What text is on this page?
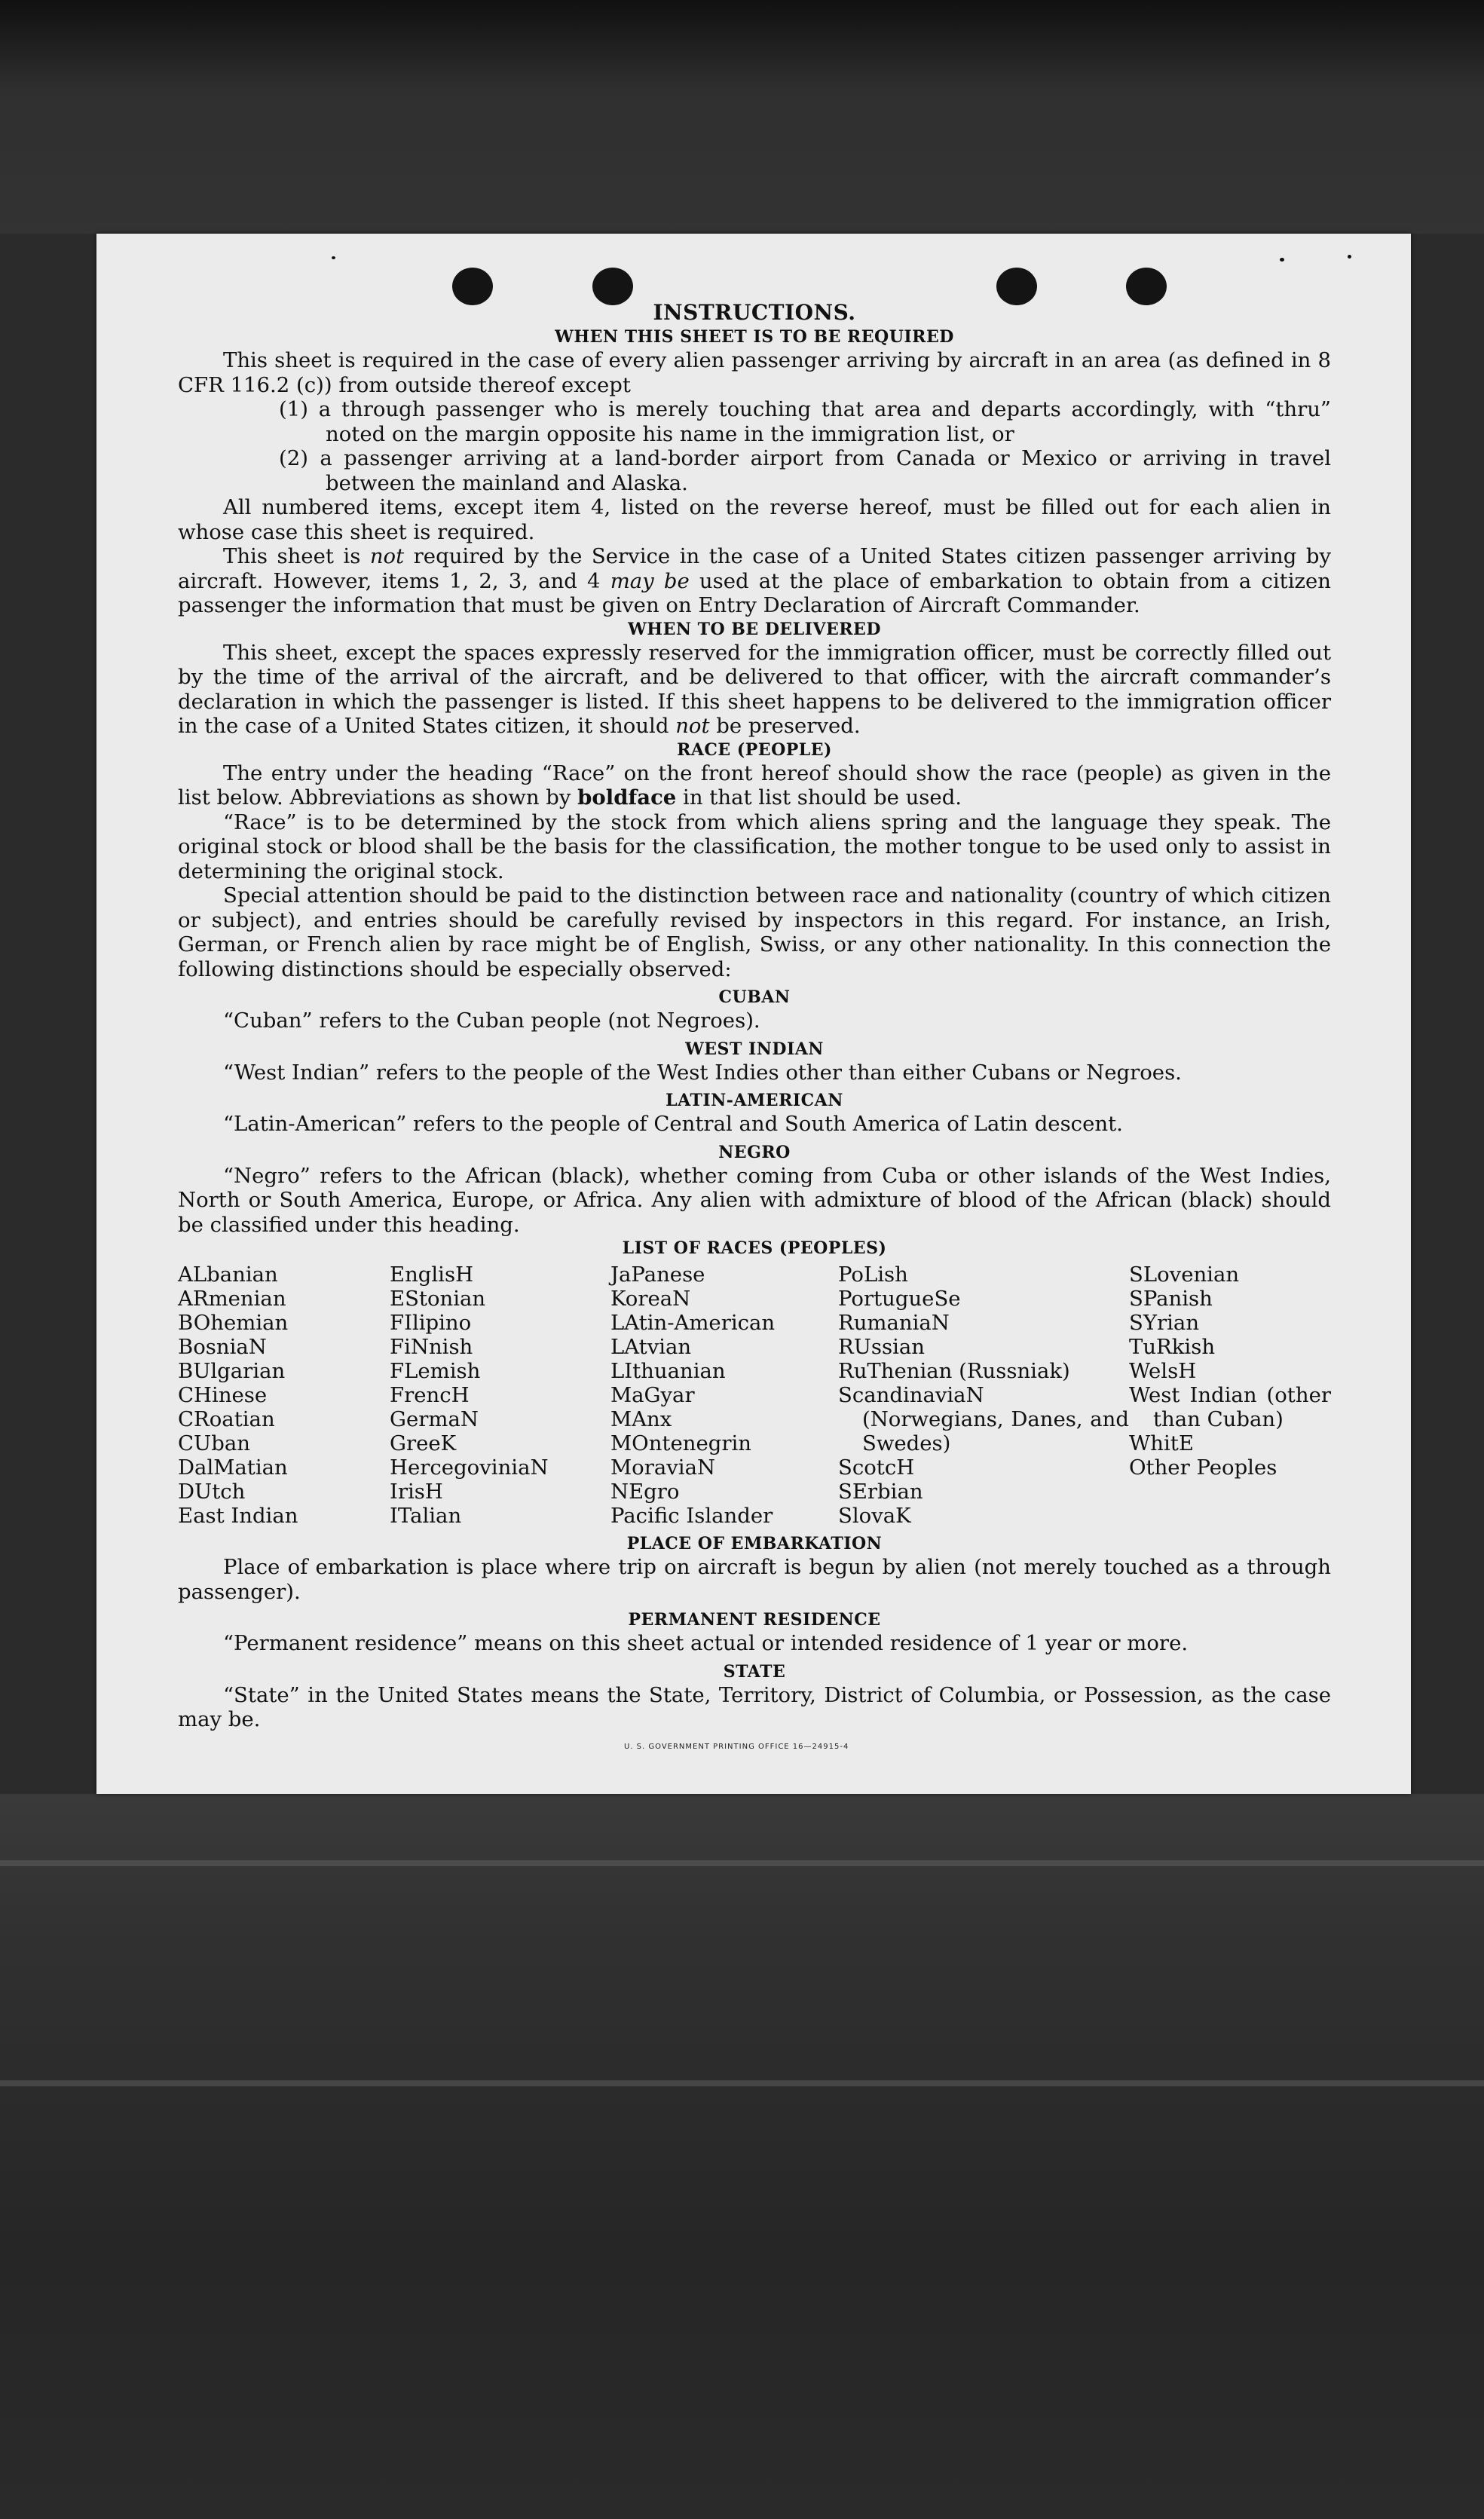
INSTRUCTIONS.
WHEN THIS SHEET IS TO BE REQUIRED

This sheet is required in the case of every alien passenger arriving by aircraft in an area (as defined in 8 CFR 116.2 (c)) from outside thereof except

(1) a through passenger who is merely touching that area and departs accordingly, with “thru” noted on the margin opposite his name in the immigration list, or

(2) a passenger arriving at a land-border airport from Canada or Mexico or arriving in travel between the mainland and Alaska.

All numbered items, except item 4, listed on the reverse hereof, must be filled out for each alien in whose case this sheet is required.

This sheet is not required by the Service in the case of a United States citizen passenger arriving by aircraft. However, items 1, 2, 3, and 4 may be used at the place of embarkation to obtain from a citizen passenger the information that must be given on Entry Declaration of Aircraft Commander.

WHEN TO BE DELIVERED

This sheet, except the spaces expressly reserved for the immigration officer, must be correctly filled out by the time of the arrival of the aircraft, and be delivered to that officer, with the aircraft commander’s declaration in which the passenger is listed. If this sheet happens to be delivered to the immigration officer in the case of a United States citizen, it should not be preserved.

RACE (PEOPLE)

The entry under the heading “Race” on the front hereof should show the race (people) as given in the list below. Abbreviations as shown by boldface in that list should be used.

“Race” is to be determined by the stock from which aliens spring and the language they speak. The original stock or blood shall be the basis for the classification, the mother tongue to be used only to assist in determining the original stock.

Special attention should be paid to the distinction between race and nationality (country of which citizen or subject), and entries should be carefully revised by inspectors in this regard. For instance, an Irish, German, or French alien by race might be of English, Swiss, or any other nationality. In this connection the following distinctions should be especially observed:

CUBAN

“Cuban” refers to the Cuban people (not Negroes).

WEST INDIAN

“West Indian” refers to the people of the West Indies other than either Cubans or Negroes.

LATIN-AMERICAN

“Latin-American” refers to the people of Central and South America of Latin descent.

NEGRO

“Negro” refers to the African (black), whether coming from Cuba or other islands of the West Indies, North or South America, Europe, or Africa. Any alien with admixture of blood of the African (black) should be classified under this heading.

LIST OF RACES (PEOPLES)
ALbanian
ARmenian
BOhemian
BosniaN
BUlgarian
CHinese
CRoatian
CUban
DalMatian
DUtch
East Indian
EnglisH
EStonian
FIlipino
FiNnish
FLemish
FrencH
GermaN
GreeK
HercegoviniaN
IrisH
ITalian
JaPanese
KoreaN
LAtin-American
LAtvian
LIthuanian
MaGyar
MAnx
MOntenegrin
MoraviaN
NEgro
Pacific Islander
PoLish
PortugueSe
RumaniaN
RUssian
RuThenian (Russniak)
ScandinaviaN (Norwegians, Danes, and Swedes)
ScotcH
SErbian
SlovaK
SLovenian
SPanish
SYrian
TuRkish
WelsH
West Indian (other than Cuban)
WhitE
Other Peoples
PLACE OF EMBARKATION

Place of embarkation is place where trip on aircraft is begun by alien (not merely touched as a through passenger).

PERMANENT RESIDENCE

“Permanent residence” means on this sheet actual or intended residence of 1 year or more.

STATE

“State” in the United States means the State, Territory, District of Columbia, or Possession, as the case may be.

U. S. GOVERNMENT PRINTING OFFICE 16—24915-4
